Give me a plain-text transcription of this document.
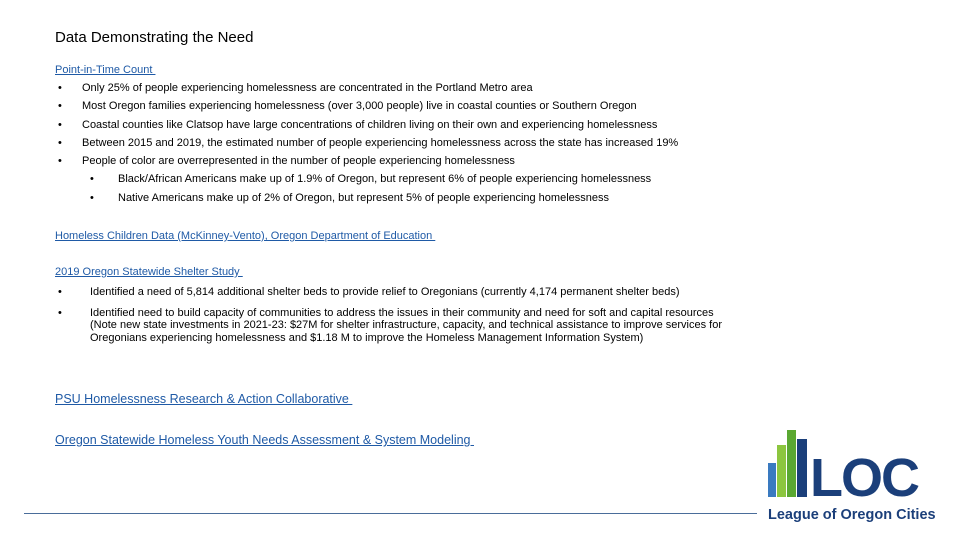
Data Demonstrating the Need
Point-in-Time Count
•	Only 25% of people experiencing homelessness are concentrated in the Portland Metro area
•	Most Oregon families experiencing homelessness (over 3,000 people) live in coastal counties or Southern Oregon
•	Coastal counties like Clatsop have large concentrations of children living on their own and experiencing homelessness
•	Between 2015 and 2019, the estimated number of people experiencing homelessness across the state has increased 19%
•	People of color are overrepresented in the number of people experiencing homelessness
•	Black/African Americans make up of 1.9% of Oregon, but represent 6% of people experiencing homelessness
•	Native Americans make up of 2% of Oregon, but represent 5% of people experiencing homelessness
Homeless Children Data (McKinney-Vento), Oregon Department of Education
2019 Oregon Statewide Shelter Study
•	Identified a need of 5,814 additional shelter beds to provide relief to Oregonians (currently 4,174 permanent shelter beds)
•	Identified need to build capacity of communities to address the issues in their community and need for soft and capital resources (Note new state investments in 2021-23: $27M for shelter infrastructure, capacity, and technical assistance to improve services for Oregonians experiencing homelessness and $1.18 M to improve the Homeless Management Information System)
PSU Homelessness Research & Action Collaborative
Oregon Statewide Homeless Youth Needs Assessment & System Modeling
LOC
League of Oregon Cities
